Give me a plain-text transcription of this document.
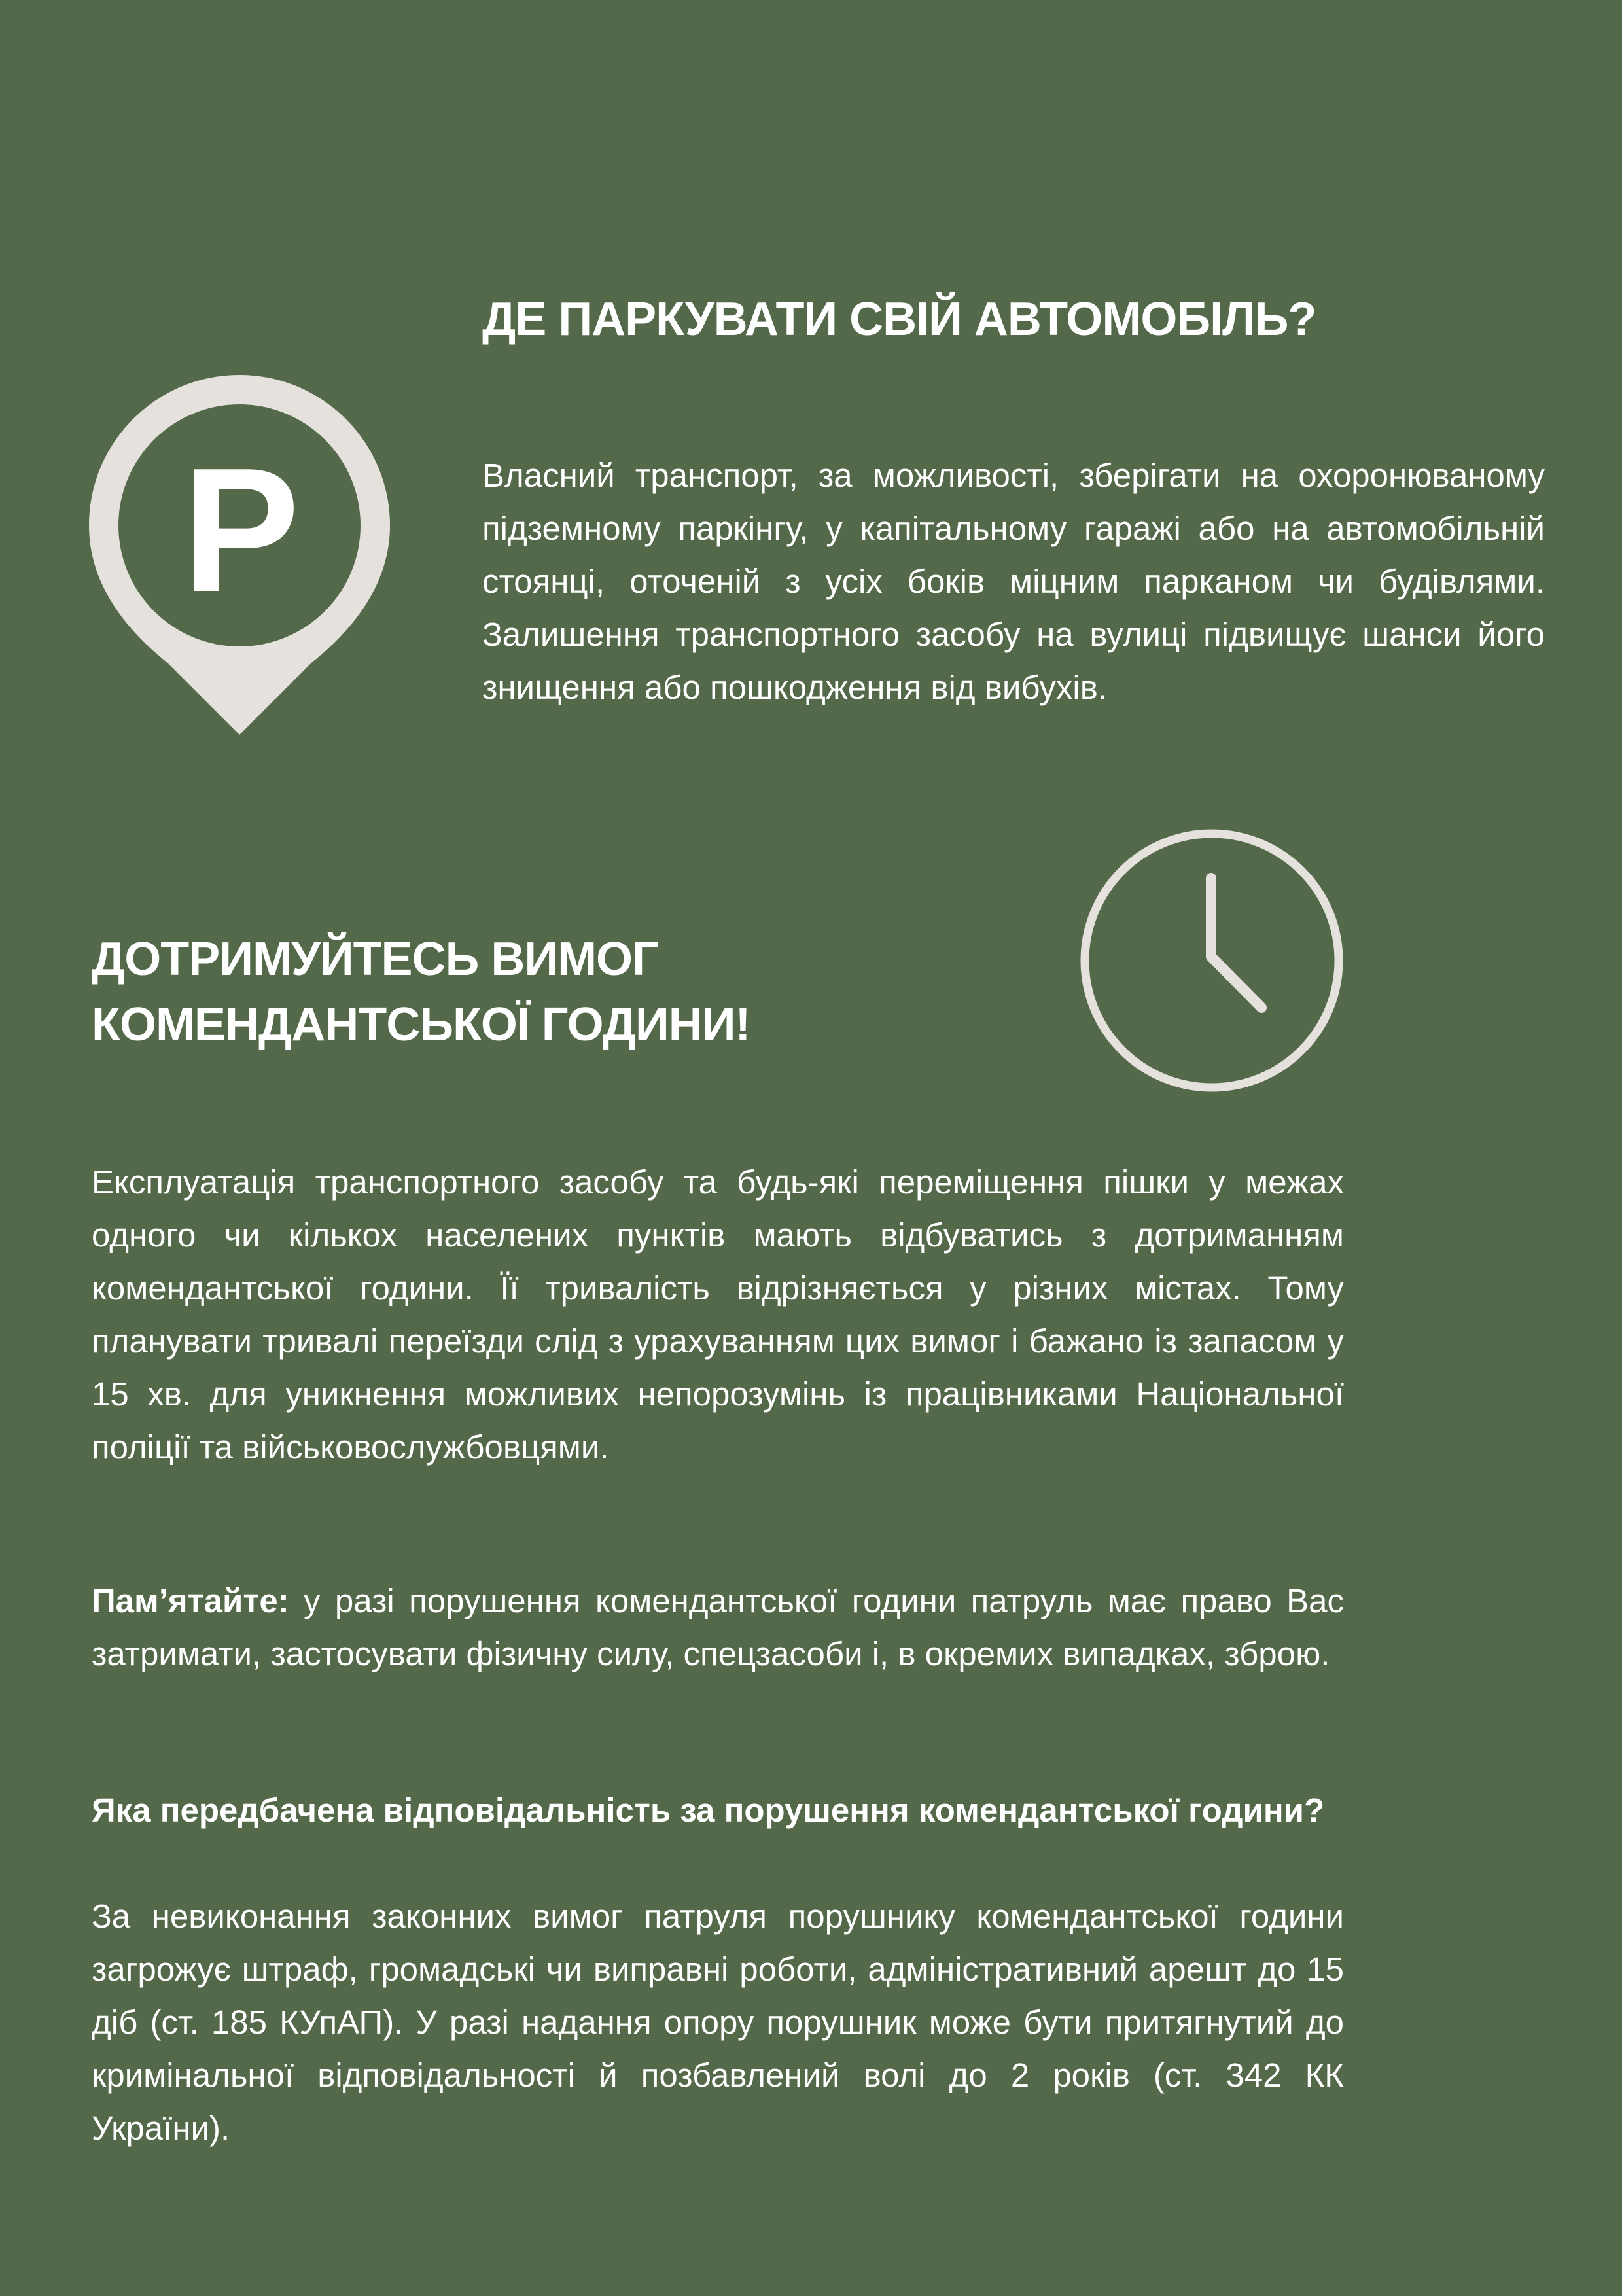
P
ДЕ ПАРКУВАТИ СВІЙ АВТОМОБІЛЬ?

Власний транспорт, за можливості, зберігати на охоронюваному підземному паркінгу, у капітальному гаражі або на автомобільній стоянці, оточеній з усіх боків міцним парканом чи будівлями. Залишення транспортного засобу на вулиці підвищує шанси його знищення або пошкодження від вибухів.

ДОТРИМУЙТЕСЬ ВИМОГ
КОМЕНДАНТСЬКОЇ ГОДИНИ!

Експлуатація транспортного засобу та будь-які переміщення пішки у межах одного чи кількох населених пунктів мають відбуватись з дотриманням комендантської години. Її тривалість відрізняється у різних містах. Тому планувати тривалі переїзди слід з урахуванням цих вимог і бажано із запасом у 15 хв. для уникнення можливих непорозумінь із працівниками Національної поліції та військовослужбовцями.

Пам’ятайте: у разі порушення комендантської години патруль має право Вас затримати, застосувати фізичну силу, спецзасоби і, в окремих випадках, зброю.

Яка передбачена відповідальність за порушення комендантської години?

За невиконання законних вимог патруля порушнику комендантської години загрожує штраф, громадські чи виправні роботи, адміністративний арешт до 15 діб (ст. 185 КУпАП). У разі надання опору порушник може бути притягнутий до кримінальної відповідальності й позбавлений волі до 2 років (ст. 342 КК України).
